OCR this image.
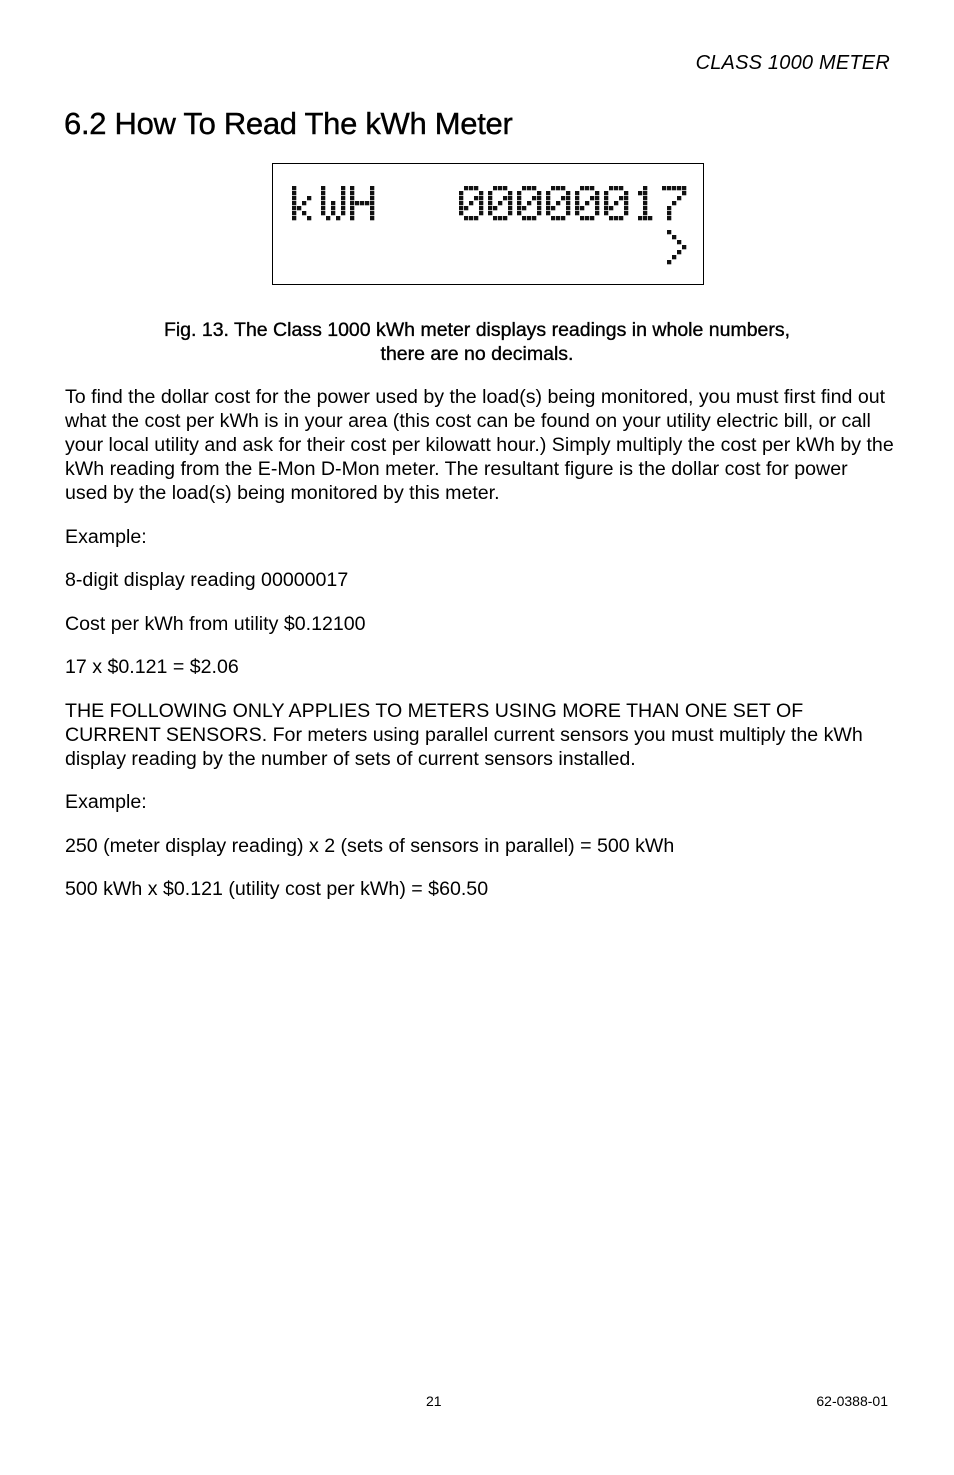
CLASS 1000 METER
6.2 How To Read The kWh Meter
Fig. 13. The Class 1000 kWh meter displays readings in whole numbers,
there are no decimals.

To find the dollar cost for the power used by the load(s) being monitored, you must first find out what the cost per kWh is in your area (this cost can be found on your utility electric bill, or call your local utility and ask for their cost per kilowatt hour.) Simply multiply the cost per kWh by the kWh reading from the E-Mon D-Mon meter. The resultant figure is the dollar cost for power used by the load(s) being monitored by this meter.

Example:

8-digit display reading 00000017

Cost per kWh from utility $0.12100

17 x $0.121 = $2.06

THE FOLLOWING ONLY APPLIES TO METERS USING MORE THAN ONE SET OF CURRENT SENSORS. For meters using parallel current sensors you must multiply the kWh display reading by the number of sets of current sensors installed.

Example:

250 (meter display reading) x 2 (sets of sensors in parallel) = 500 kWh

500 kWh x $0.121 (utility cost per kWh) = $60.50

21	62-0388-01
